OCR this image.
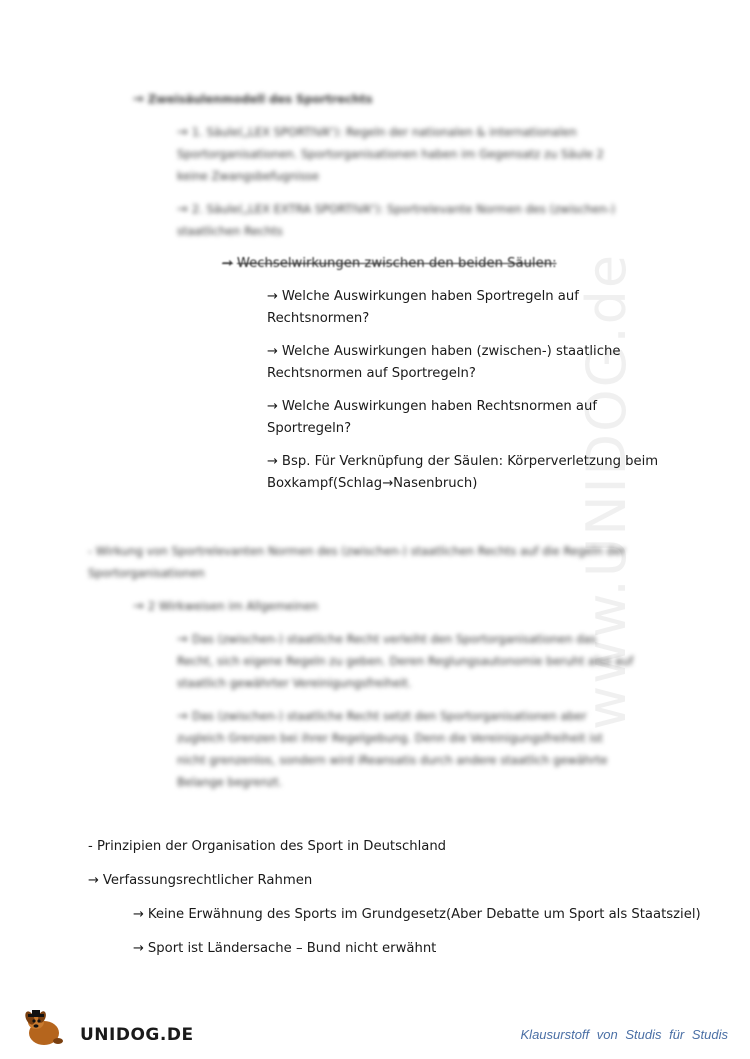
www.UNIDOG.de
→ Zweisäulenmodell des Sportrechts
→ 1. Säule(„LEX SPORTIVA“): Regeln der nationalen & internationalen
Sportorganisationen. Sportorganisationen haben im Gegensatz zu Säule 2
keine Zwangsbefugnisse
→ 2. Säule(„LEX EXTRA SPORTIVA“): Sportrelevante Normen des (zwischen-)
staatlichen Rechts
→ Wechselwirkungen zwischen den beiden Säulen:
→ Welche Auswirkungen haben Sportregeln auf
Rechtsnormen?
→ Welche Auswirkungen haben (zwischen-) staatliche
Rechtsnormen auf Sportregeln?
→ Welche Auswirkungen haben Rechtsnormen auf
Sportregeln?
→ Bsp. Für Verknüpfung der Säulen: Körperverletzung beim
Boxkampf(Schlag→Nasenbruch)
- Wirkung von Sportrelevanten Normen des (zwischen-) staatlichen Rechts auf die Regeln der
Sportorganisationen
→ 2 Wirkweisen im Allgemeinen
→ Das (zwischen-) staatliche Recht verleiht den Sportorganisationen das
Recht, sich eigene Regeln zu geben. Deren Reglungsautonomie beruht also auf
staatlich gewährter Vereinigungsfreiheit.
→ Das (zwischen-) staatliche Recht setzt den Sportorganisationen aber
zugleich Grenzen bei ihrer Regelgebung. Denn die Vereinigungsfreiheit ist
nicht grenzenlos, sondern wird iReansatis durch andere staatlich gewährte
Belange begrenzt.
- Prinzipien der Organisation des Sport in Deutschland
→ Verfassungsrechtlicher Rahmen
→ Keine Erwähnung des Sports im Grundgesetz(Aber Debatte um Sport als Staatsziel)
→ Sport ist Ländersache – Bund nicht erwähnt
UNIDOG.DE	Klausurstoff von Studis für Studis
